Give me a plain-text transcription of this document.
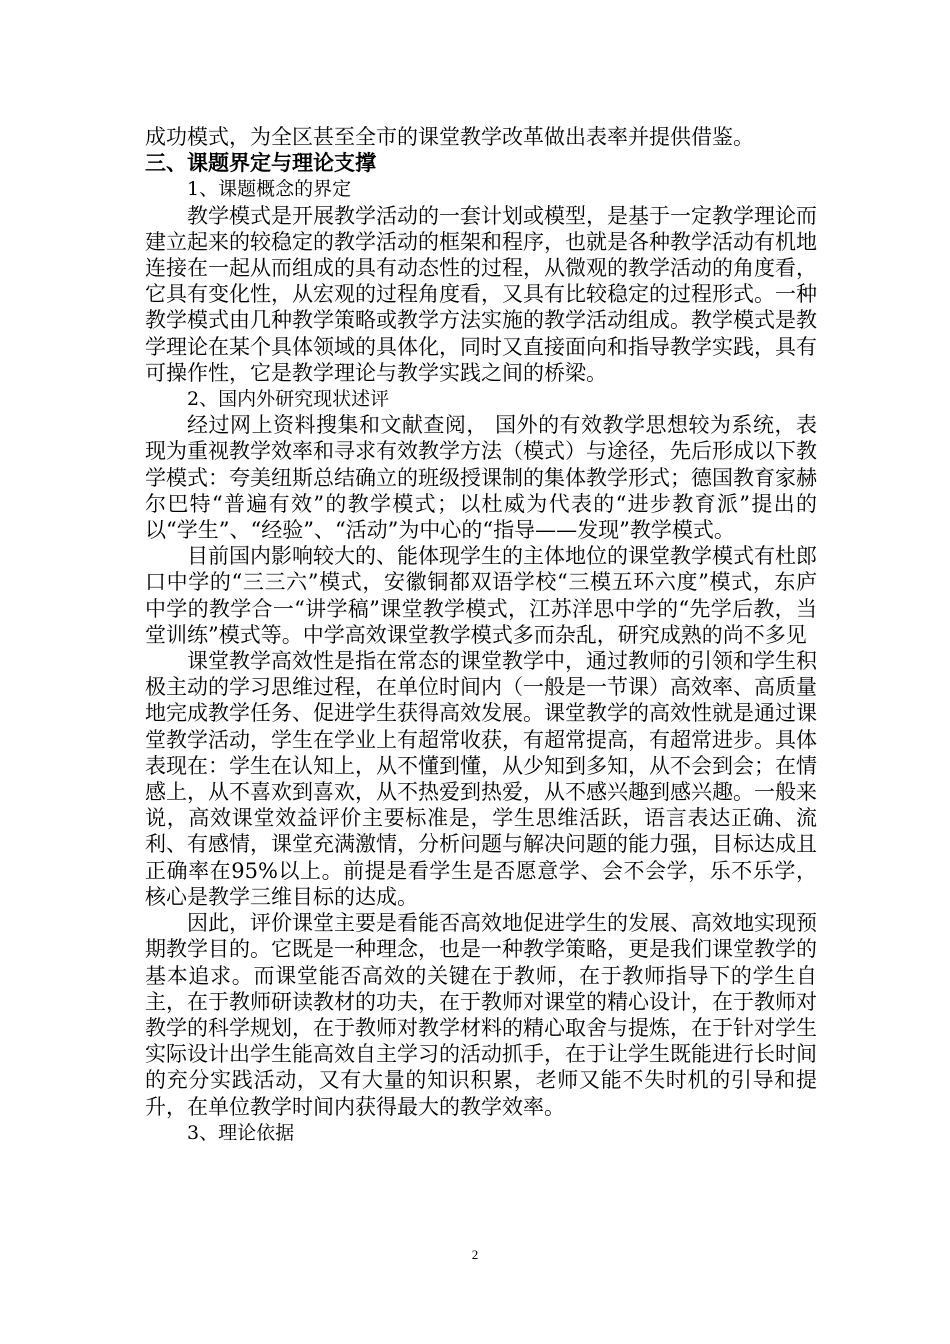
成功模式，为全区甚至全市的课堂教学改革做出表率并提供借鉴。

三、课题界定与理论支撑

1、课题概念的界定

教学模式是开展教学活动的一套计划或模型，是基于一定教学理论而建立起来的较稳定的教学活动的框架和程序，也就是各种教学活动有机地连接在一起从而组成的具有动态性的过程，从微观的教学活动的角度看，它具有变化性，从宏观的过程角度看，又具有比较稳定的过程形式。一种教学模式由几种教学策略或教学方法实施的教学活动组成。教学模式是教学理论在某个具体领域的具体化，同时又直接面向和指导教学实践，具有可操作性，它是教学理论与教学实践之间的桥梁。

2、国内外研究现状述评

经过网上资料搜集和文献查阅， 国外的有效教学思想较为系统，表现为重视教学效率和寻求有效教学方法（模式）与途径，先后形成以下教学模式：夸美纽斯总结确立的班级授课制的集体教学形式；德国教育家赫尔巴特“普遍有效”的教学模式；以杜威为代表的“进步教育派”提出的以“学生”、“经验”、“活动”为中心的“指导——发现”教学模式。

目前国内影响较大的、能体现学生的主体地位的课堂教学模式有杜郎口中学的“三三六”模式，安徽铜都双语学校“三模五环六度”模式，东庐中学的教学合一“讲学稿”课堂教学模式，江苏洋思中学的“先学后教，当堂训练”模式等。中学高效课堂教学模式多而杂乱，研究成熟的尚不多见

课堂教学高效性是指在常态的课堂教学中，通过教师的引领和学生积极主动的学习思维过程，在单位时间内（一般是一节课）高效率、高质量地完成教学任务、促进学生获得高效发展。课堂教学的高效性就是通过课堂教学活动，学生在学业上有超常收获，有超常提高，有超常进步。具体表现在：学生在认知上，从不懂到懂，从少知到多知，从不会到会；在情感上，从不喜欢到喜欢，从不热爱到热爱，从不感兴趣到感兴趣。一般来说，高效课堂效益评价主要标准是，学生思维活跃，语言表达正确、流利、有感情，课堂充满激情，分析问题与解决问题的能力强，目标达成且正确率在95%以上。前提是看学生是否愿意学、会不会学，乐不乐学，核心是教学三维目标的达成。

因此，评价课堂主要是看能否高效地促进学生的发展、高效地实现预期教学目的。它既是一种理念，也是一种教学策略，更是我们课堂教学的基本追求。而课堂能否高效的关键在于教师，在于教师指导下的学生自主，在于教师研读教材的功夫，在于教师对课堂的精心设计，在于教师对教学的科学规划，在于教师对教学材料的精心取舍与提炼，在于针对学生实际设计出学生能高效自主学习的活动抓手，在于让学生既能进行长时间的充分实践活动，又有大量的知识积累，老师又能不失时机的引导和提升，在单位教学时间内获得最大的教学效率。

3、理论依据

2
